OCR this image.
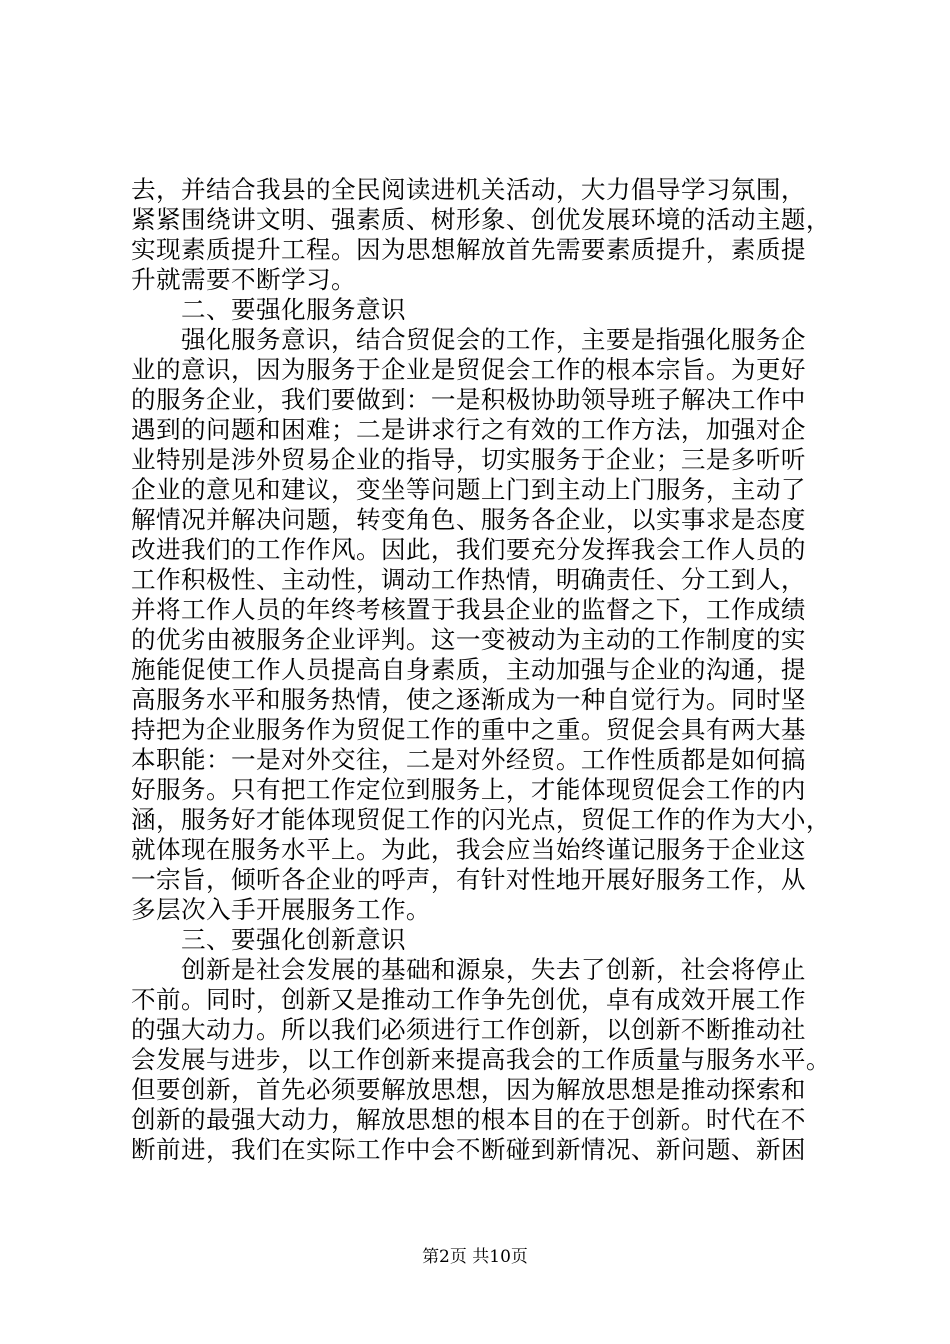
去，并结合我县的全民阅读进机关活动，大力倡导学习氛围，
紧紧围绕讲文明、强素质、树形象、创优发展环境的活动主题，
实现素质提升工程。因为思想解放首先需要素质提升，素质提
升就需要不断学习。
二、要强化服务意识
强化服务意识，结合贸促会的工作，主要是指强化服务企
业的意识，因为服务于企业是贸促会工作的根本宗旨。为更好
的服务企业，我们要做到：一是积极协助领导班子解决工作中
遇到的问题和困难；二是讲求行之有效的工作方法，加强对企
业特别是涉外贸易企业的指导，切实服务于企业；三是多听听
企业的意见和建议，变坐等问题上门到主动上门服务，主动了
解情况并解决问题，转变角色、服务各企业，以实事求是态度
改进我们的工作作风。因此，我们要充分发挥我会工作人员的
工作积极性、主动性，调动工作热情，明确责任、分工到人，
并将工作人员的年终考核置于我县企业的监督之下，工作成绩
的优劣由被服务企业评判。这一变被动为主动的工作制度的实
施能促使工作人员提高自身素质，主动加强与企业的沟通，提
高服务水平和服务热情，使之逐渐成为一种自觉行为。同时坚
持把为企业服务作为贸促工作的重中之重。贸促会具有两大基
本职能：一是对外交往，二是对外经贸。工作性质都是如何搞
好服务。只有把工作定位到服务上，才能体现贸促会工作的内
涵，服务好才能体现贸促工作的闪光点，贸促工作的作为大小，
就体现在服务水平上。为此，我会应当始终谨记服务于企业这
一宗旨，倾听各企业的呼声，有针对性地开展好服务工作，从
多层次入手开展服务工作。
三、要强化创新意识
创新是社会发展的基础和源泉，失去了创新，社会将停止
不前。同时，创新又是推动工作争先创优，卓有成效开展工作
的强大动力。所以我们必须进行工作创新，以创新不断推动社
会发展与进步，以工作创新来提高我会的工作质量与服务水平。
但要创新，首先必须要解放思想，因为解放思想是推动探索和
创新的最强大动力，解放思想的根本目的在于创新。时代在不
断前进，我们在实际工作中会不断碰到新情况、新问题、新困
第2页 共10页
